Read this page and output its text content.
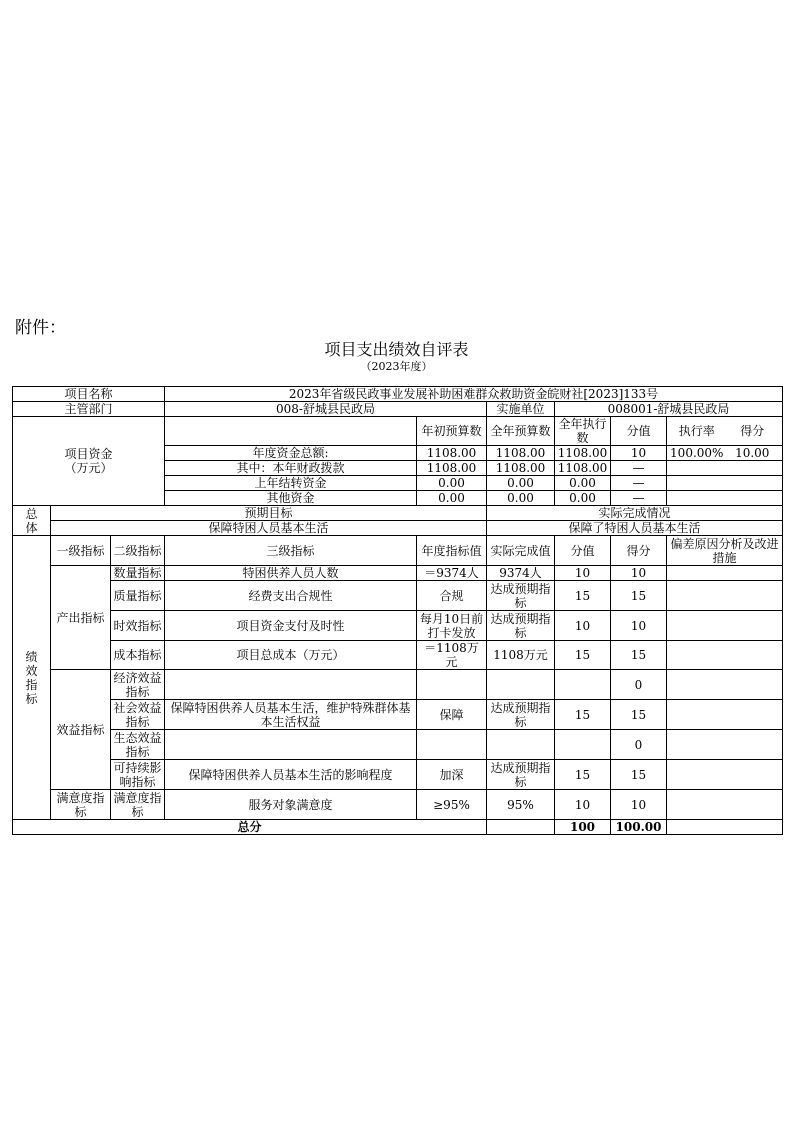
附件：
项目支出绩效自评表
（2023年度）
项目名称			2023年省级民政事业发展补助困难群众救助资金皖财社[2023]133号					
主管部门			008-舒城县民政局		实施单位	008001-舒城县民政局		

项目资金
（万元）				年初预算数	全年预算数	全年执行数	分值	执行率 得分
			年度资金总额:	1108.00	1108.00	1108.00	10	100.00% 10.00
			其中：本年财政拨款	1108.00	1108.00	1108.00	—	
			上年结转资金	0.00	0.00	0.00	—	
			其他资金	0.00	0.00	0.00	—	
总体	预期目标				实际完成情况			
	保障特困人员基本生活				保障了特困人员基本生活			
绩效指标	一级指标	二级指标	三级指标	年度指标值	实际完成值	分值	得分	偏差原因分析及改进措施
	产出指标	数量指标	特困供养人员人数	＝9374人	9374人	10	10	
		质量指标	经费支出合规性	合规	达成预期指标	15	15	
		时效指标	项目资金支付及时性	每月10日前打卡发放	达成预期指标	10	10	
		成本指标	项目总成本（万元）	＝1108万元	1108万元	15	15	
	效益指标	经济效益指标					0	
		社会效益指标	保障特困供养人员基本生活，维护特殊群体基本生活权益	保障	达成预期指标	15	15	
		生态效益指标					0	
		可持续影响指标	保障特困供养人员基本生活的影响程度	加深	达成预期指标	15	15	
	满意度指标	满意度指标	服务对象满意度	≥95%	95%	10	10	
总分						100	100.00	
